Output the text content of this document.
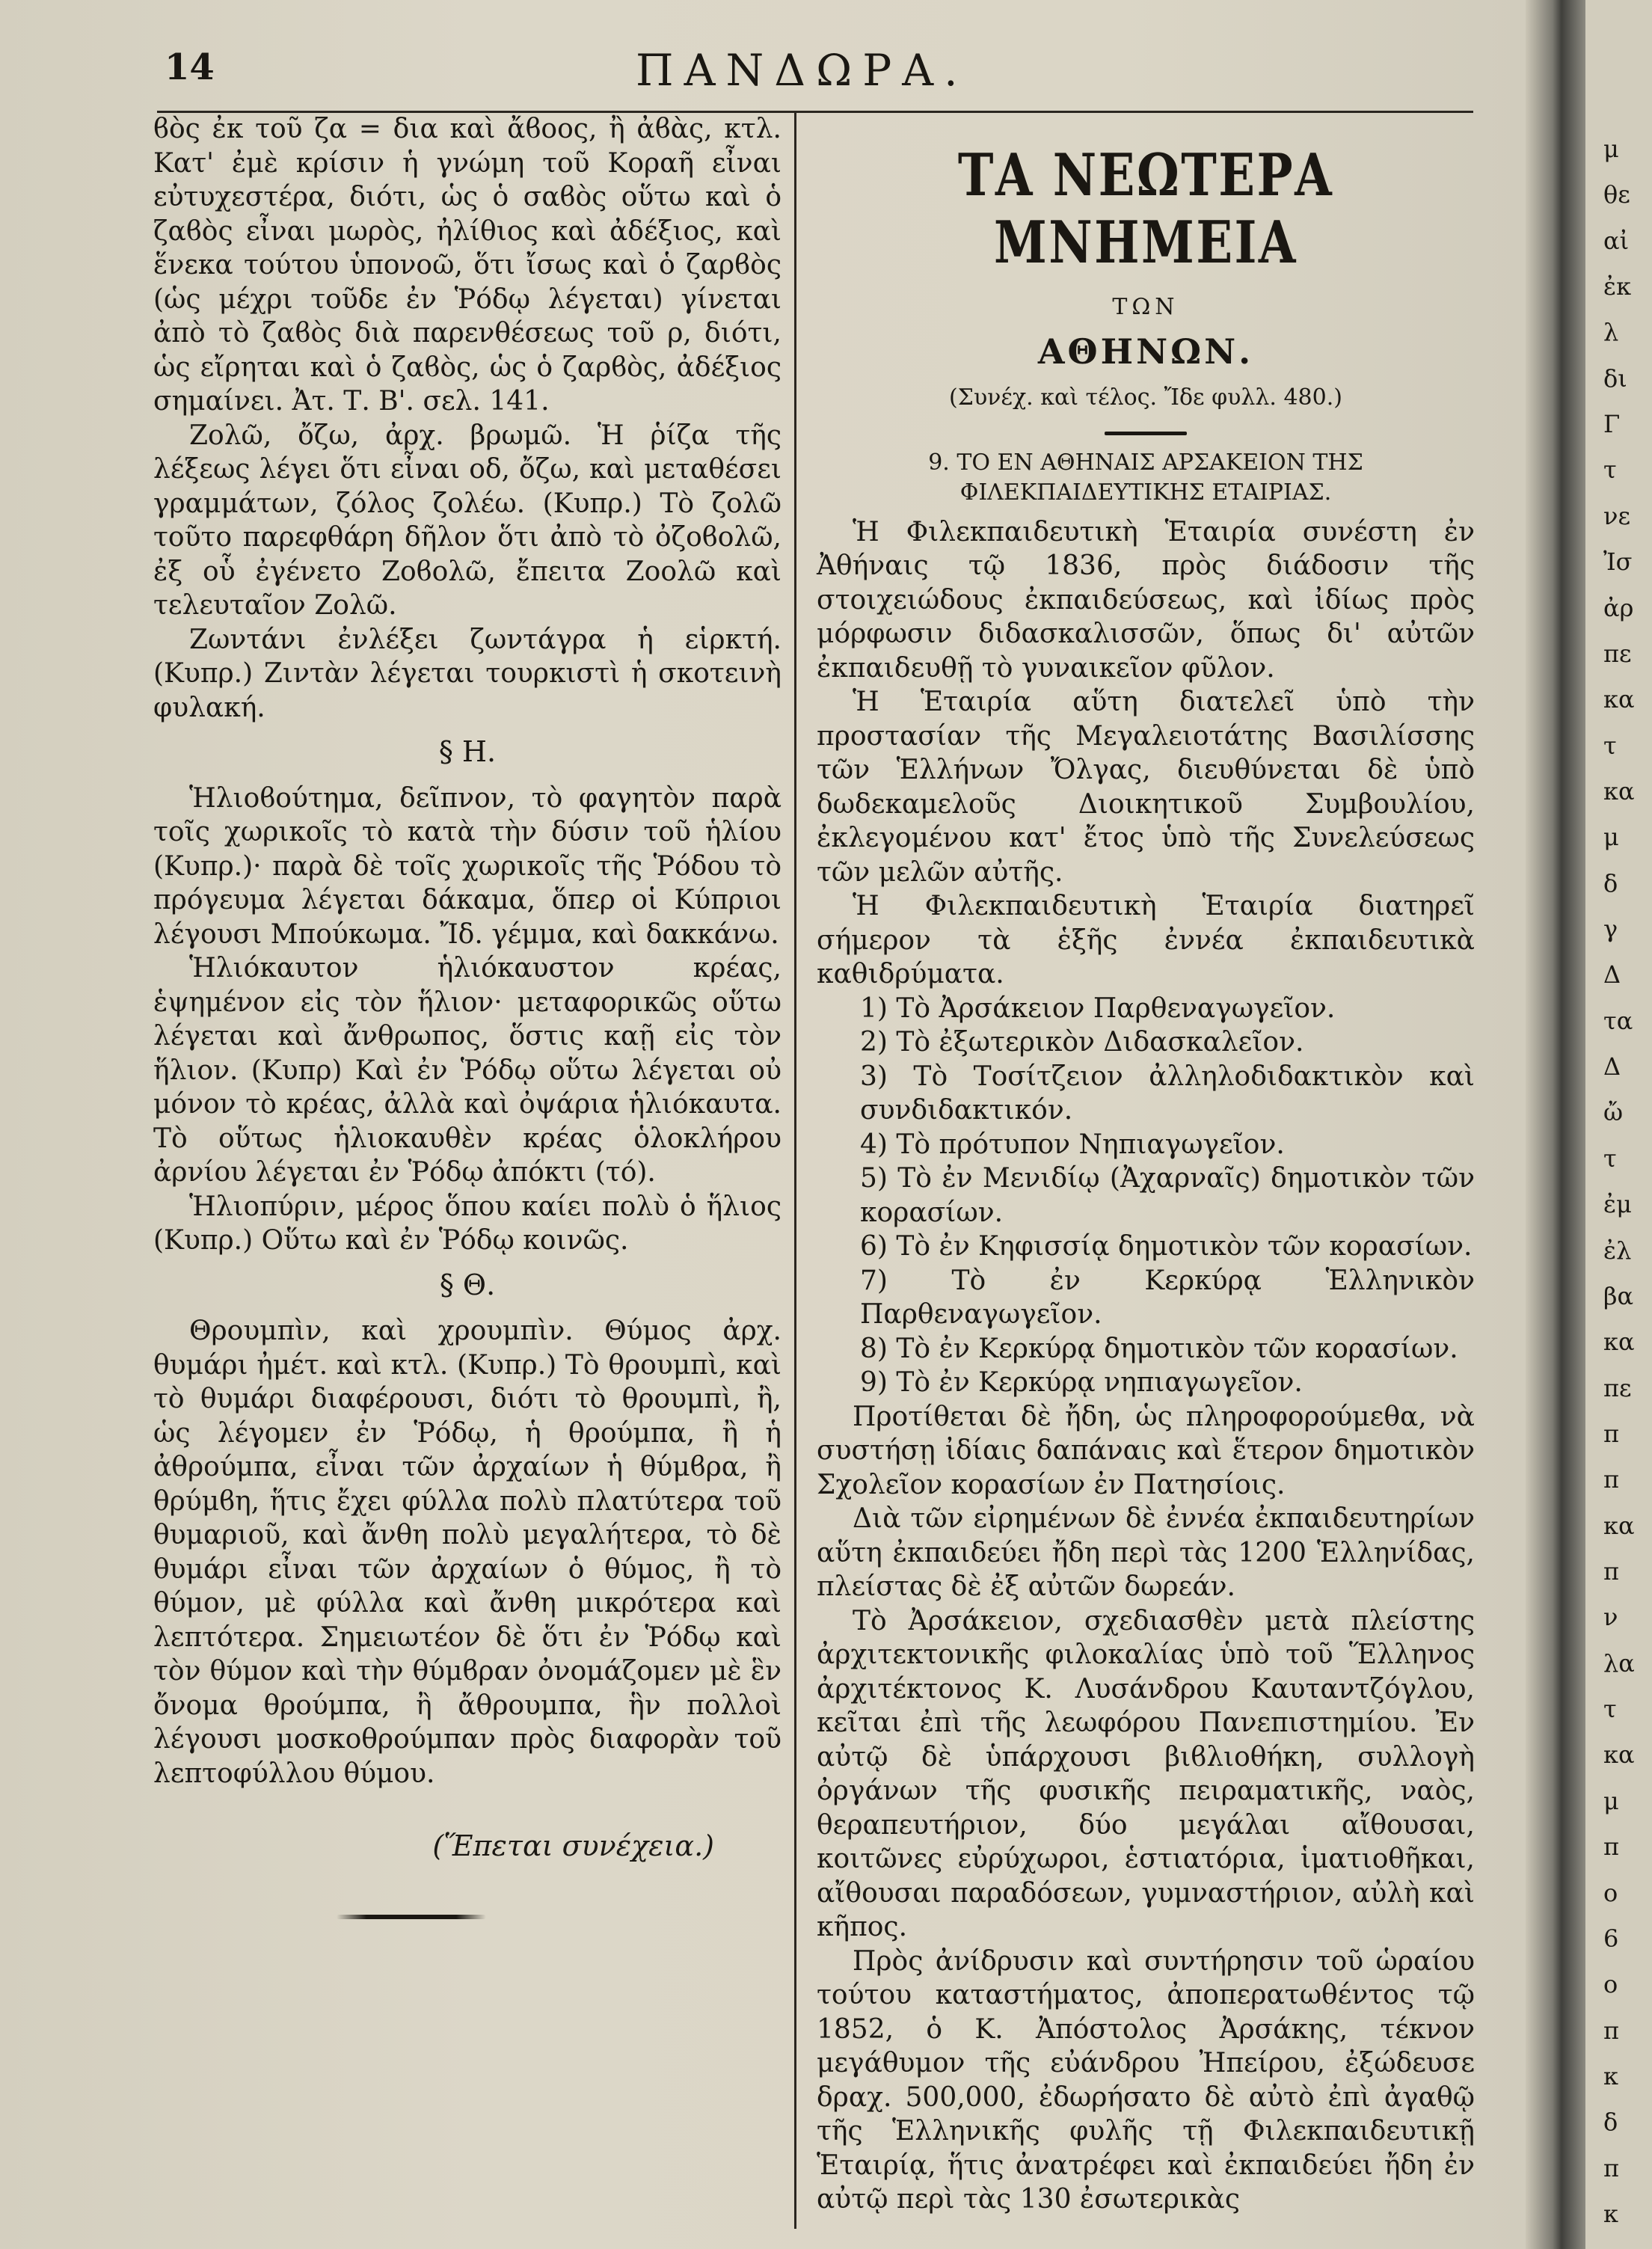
μ
θε
αἰ
ἐκ
λ
δι
Γ
τ
νε
Ἰσ
ἀρ
πε
κα
τ
κα
μ
δ
γ
Δ
τα
Δ
ὤ
τ
ἐμ
ἐλ
βα
κα
πε
π
π
κα
π
ν
λα
τ
κα
μ
π
ο
6
ο
π
κ
δ
π
κ
14	ΠΑΝΔΩΡΑ.

ϐὸς ἐκ τοῦ ζα = δια καὶ ἄϐοος, ἢ ἀϐὰς, κτλ. Κατ' ἐμὲ κρίσιν ἡ γνώμη τοῦ Κοραῆ εἶναι εὐτυχεστέρα, διότι, ὡς ὁ σαϐὸς οὕτω καὶ ὁ ζαϐὸς εἶναι μωρὸς, ἠλίθιος καὶ ἀδέξιος, καὶ ἕνεκα τούτου ὑπονοῶ, ὅτι ἴσως καὶ ὁ ζαρϐὸς (ὡς μέχρι τοῦδε ἐν Ῥόδῳ λέγεται) γίνεται ἀπὸ τὸ ζαϐὸς διὰ παρενθέσεως τοῦ ρ, διότι, ὡς εἴρηται καὶ ὁ ζαϐὸς, ὡς ὁ ζαρϐὸς, ἀδέξιος σημαίνει. Ἀτ. Τ. Β'. σελ. 141.

Ζολῶ, ὄζω, ἀρχ. βρωμῶ. Ἡ ῥίζα τῆς λέξεως λέγει ὅτι εἶναι οδ, ὄζω, καὶ μεταθέσει γραμμάτων, ζόλος ζολέω. (Κυπρ.) Τὸ ζολῶ τοῦτο παρεφθάρη δῆλον ὅτι ἀπὸ τὸ ὀζοϐολῶ, ἐξ οὗ ἐγένετο Ζοϐολῶ, ἔπειτα Ζοολῶ καὶ τελευταῖον Ζολῶ.

Ζωντάνι ἐνλέξει ζωντάγρα ἡ εἱρκτή. (Κυπρ.) Ζιντὰν λέγεται τουρκιστὶ ἡ σκοτεινὴ φυλακή.

§ Η.

Ἡλιοϐούτημα, δεῖπνον, τὸ φαγητὸν παρὰ τοῖς χωρικοῖς τὸ κατὰ τὴν δύσιν τοῦ ἡλίου (Κυπρ.)· παρὰ δὲ τοῖς χωρικοῖς τῆς Ῥόδου τὸ πρόγευμα λέγεται δάκαμα, ὅπερ οἱ Κύπριοι λέγουσι Μπούκωμα. Ἴδ. γέμμα, καὶ δακκάνω.

Ἡλιόκαυτον ἡλιόκαυστον κρέας, ἑψημένον εἰς τὸν ἥλιον· μεταφορικῶς οὕτω λέγεται καὶ ἄνθρωπος, ὅστις καῇ εἰς τὸν ἥλιον. (Κυπρ) Καὶ ἐν Ῥόδῳ οὕτω λέγεται οὐ μόνον τὸ κρέας, ἀλλὰ καὶ ὀψάρια ἡλιόκαυτα. Τὸ οὕτως ἡλιοκαυθὲν κρέας ὁλοκλήρου ἀρνίου λέγεται ἐν Ῥόδῳ ἀπόκτι (τό).

Ἡλιοπύριν, μέρος ὅπου καίει πολὺ ὁ ἥλιος (Κυπρ.) Οὕτω καὶ ἐν Ῥόδῳ κοινῶς.

§ Θ.

Θρουμπὶν, καὶ χρουμπὶν. Θύμος ἀρχ. θυμάρι ἠμέτ. καὶ κτλ. (Κυπρ.) Τὸ θρουμπὶ, καὶ τὸ θυμάρι διαφέρουσι, διότι τὸ θρουμπὶ, ἢ, ὡς λέγομεν ἐν Ῥόδῳ, ἡ θρούμπα, ἢ ἡ ἀθρούμπα, εἶναι τῶν ἀρχαίων ἡ θύμϐρα, ἢ θρύμϐη, ἥτις ἔχει φύλλα πολὺ πλατύτερα τοῦ θυμαριοῦ, καὶ ἄνθη πολὺ μεγαλήτερα, τὸ δὲ θυμάρι εἶναι τῶν ἀρχαίων ὁ θύμος, ἢ τὸ θύμον, μὲ φύλλα καὶ ἄνθη μικρότερα καὶ λεπτότερα. Σημειωτέον δὲ ὅτι ἐν Ῥόδῳ καὶ τὸν θύμον καὶ τὴν θύμϐραν ὀνομάζομεν μὲ ἓν ὄνομα θρούμπα, ἢ ἄθρουμπα, ἣν πολλοὶ λέγουσι μοσκοθρούμπαν πρὸς διαφορὰν τοῦ λεπτοφύλλου θύμου.

(Ἕπεται συνέχεια.)
ΤΑ ΝΕΩΤΕΡΑ ΜΝΗΜΕΙΑ
ΤΩΝ
ΑΘΗΝΩΝ.
(Συνέχ. καὶ τέλος. Ἴδε φυλλ. 480.)
9. ΤΟ ΕΝ ΑΘΗΝΑΙΣ ΑΡΣΑΚΕΙΟΝ ΤΗΣ ΦΙΛΕΚΠΑΙΔΕΥΤΙΚΗΣ ΕΤΑΙΡΙΑΣ.

Ἡ Φιλεκπαιδευτικὴ Ἑταιρία συνέστη ἐν Ἀθήναις τῷ 1836, πρὸς διάδοσιν τῆς στοιχειώδους ἐκπαιδεύσεως, καὶ ἰδίως πρὸς μόρφωσιν διδασκαλισσῶν, ὅπως δι' αὐτῶν ἐκπαιδευθῇ τὸ γυναικεῖον φῦλον.

Ἡ Ἑταιρία αὕτη διατελεῖ ὑπὸ τὴν προστασίαν τῆς Μεγαλειοτάτης Βασιλίσσης τῶν Ἑλλήνων Ὄλγας, διευθύνεται δὲ ὑπὸ δωδεκαμελοῦς Διοικητικοῦ Συμβουλίου, ἐκλεγομένου κατ' ἔτος ὑπὸ τῆς Συνελεύσεως τῶν μελῶν αὐτῆς.

Ἡ Φιλεκπαιδευτικὴ Ἑταιρία διατηρεῖ σήμερον τὰ ἑξῆς ἐννέα ἐκπαιδευτικὰ καθιδρύματα.

1) Τὸ Ἀρσάκειον Παρθεναγωγεῖον.

2) Τὸ ἐξωτερικὸν Διδασκαλεῖον.

3) Τὸ Τοσίτζειον ἀλληλοδιδακτικὸν καὶ συνδιδακτικόν.

4) Τὸ πρότυπον Νηπιαγωγεῖον.

5) Τὸ ἐν Μενιδίῳ (Ἀχαρναῖς) δημοτικὸν τῶν κορασίων.

6) Τὸ ἐν Κηφισσίᾳ δημοτικὸν τῶν κορασίων.

7) Τὸ ἐν Κερκύρᾳ Ἑλληνικὸν Παρθεναγωγεῖον.

8) Τὸ ἐν Κερκύρᾳ δημοτικὸν τῶν κορασίων.

9) Τὸ ἐν Κερκύρᾳ νηπιαγωγεῖον.

Προτίθεται δὲ ἤδη, ὡς πληροφορούμεθα, νὰ συστήσῃ ἰδίαις δαπάναις καὶ ἕτερον δημοτικὸν Σχολεῖον κορασίων ἐν Πατησίοις.

Διὰ τῶν εἰρημένων δὲ ἐννέα ἐκπαιδευτηρίων αὕτη ἐκπαιδεύει ἤδη περὶ τὰς 1200 Ἑλληνίδας, πλείστας δὲ ἐξ αὐτῶν δωρεάν.

Τὸ Ἀρσάκειον, σχεδιασθὲν μετὰ πλείστης ἀρχιτεκτονικῆς φιλοκαλίας ὑπὸ τοῦ Ἕλληνος ἀρχιτέκτονος Κ. Λυσάνδρου Καυταντζόγλου, κεῖται ἐπὶ τῆς λεωφόρου Πανεπιστημίου. Ἐν αὐτῷ δὲ ὑπάρχουσι βιϐλιοθήκη, συλλογὴ ὀργάνων τῆς φυσικῆς πειραματικῆς, ναὸς, θεραπευτήριον, δύο μεγάλαι αἴθουσαι, κοιτῶνες εὐρύχωροι, ἑστιατόρια, ἱματιοθῆκαι, αἴθουσαι παραδόσεων, γυμναστήριον, αὐλὴ καὶ κῆπος.

Πρὸς ἀνίδρυσιν καὶ συντήρησιν τοῦ ὡραίου τούτου καταστήματος, ἀποπερατωθέντος τῷ 1852, ὁ Κ. Ἀπόστολος Ἀρσάκης, τέκνον μεγάθυμον τῆς εὐάνδρου Ἠπείρου, ἐξώδευσε δραχ. 500,000, ἐδωρήσατο δὲ αὐτὸ ἐπὶ ἀγαθῷ τῆς Ἑλληνικῆς φυλῆς τῇ Φιλεκπαιδευτικῇ Ἑταιρίᾳ, ἥτις ἀνατρέφει καὶ ἐκπαιδεύει ἤδη ἐν αὐτῷ περὶ τὰς 130 ἐσωτερικὰς
